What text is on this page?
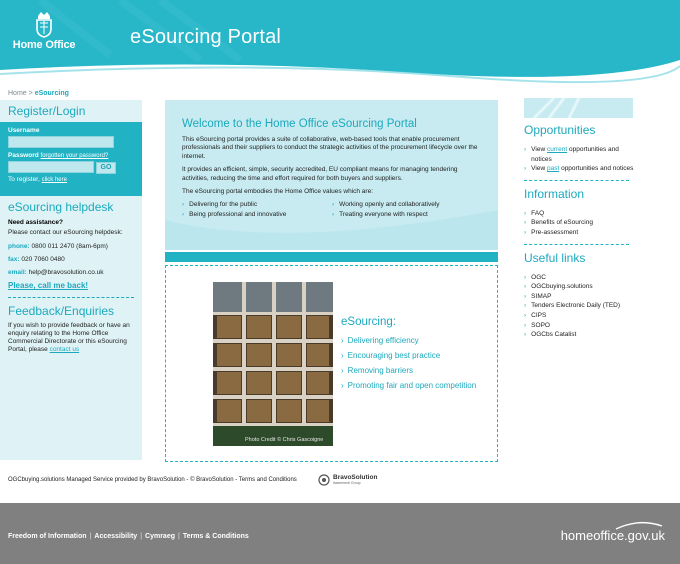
Home Office	eSourcing Portal
Home > eSourcing
Register/Login
Username
Password forgotten your password?
GO
To register, click here
eSourcing helpdesk
Need assistance?
Please contact our eSourcing helpdesk:
phone: 0800 011 2470 (8am-6pm)
fax: 020 7060 0480
email: help@bravosolution.co.uk
Please, call me back!
Feedback/Enquiries
If you wish to provide feedback or have an enquiry relating to the Home Office Commercial Directorate or this eSourcing Portal, please contact us
Welcome to the Home Office eSourcing Portal

This eSourcing portal provides a suite of collaborative, web-based tools that enable procurement professionals and their suppliers to conduct the strategic activities of the procurement lifecycle over the internet.

It provides an efficient, simple, security accredited, EU compliant means for managing tendering activities, reducing the time and effort required for both buyers and suppliers.

The eSourcing portal embodies the Home Office values which are:

› Delivering for the public	› Working openly and collaboratively
› Being professional and innovative	› Treating everyone with respect
Photo Credit © Chris Gascoigne
eSourcing:
› Delivering efficiency
› Encouraging best practice
› Removing barriers
› Promoting fair and open competition
Opportunities
› View current opportunities and notices
› View past opportunities and notices
Information
› FAQ
› Benefits of eSourcing
› Pre-assessment
Useful links
› OGC
› OGCbuying.solutions
› SIMAP
› Tenders Electronic Daily (TED)
› CIPS
› SOPO
› OGCbs Catalist
OGCbuying.solutions Managed Service provided by BravoSolution - © BravoSolution - Terms and Conditions	BravoSolution
Italcementi Group
Freedom of Information | Accessibility | Cymraeg | Terms & Conditions	homeoffice.gov.uk
